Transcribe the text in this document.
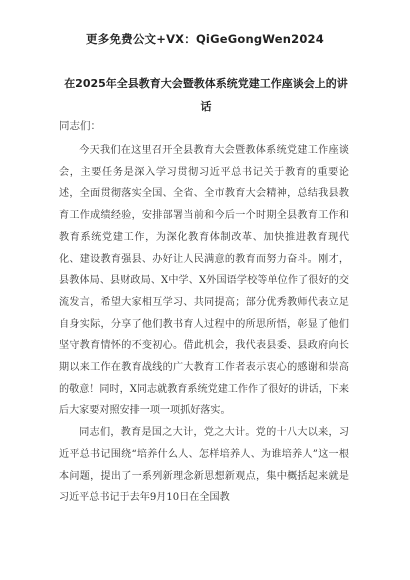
更多免费公文+VX：QiGeGongWen2024
在2025年全县教育大会暨教体系统党建工作座谈会上的讲话
同志们：

今天我们在这里召开全县教育大会暨教体系统党建工作座谈会，主要任务是深入学习贯彻习近平总书记关于教育的重要论述，全面贯彻落实全国、全省、全市教育大会精神，总结我县教育工作成绩经验，安排部署当前和今后一个时期全县教育工作和教育系统党建工作，为深化教育体制改革、加快推进教育现代化、建设教育强县、办好让人民满意的教育而努力奋斗。刚才，县教体局、县财政局、X中学、X外国语学校等单位作了很好的交流发言，希望大家相互学习、共同提高；部分优秀教师代表立足自身实际，分享了他们教书育人过程中的所思所悟，彰显了他们坚守教育情怀的不变初心。借此机会，我代表县委、县政府向长期以来工作在教育战线的广大教育工作者表示衷心的感谢和崇高的敬意！同时，X同志就教育系统党建工作作了很好的讲话，下来后大家要对照安排一项一项抓好落实。

同志们，教育是国之大计，党之大计。党的十八大以来，习近平总书记围绕“培养什么人、怎样培养人、为谁培养人”这一根本问题，提出了一系列新理念新思想新观点，集中概括起来就是习近平总书记于去年9月10日在全国教
